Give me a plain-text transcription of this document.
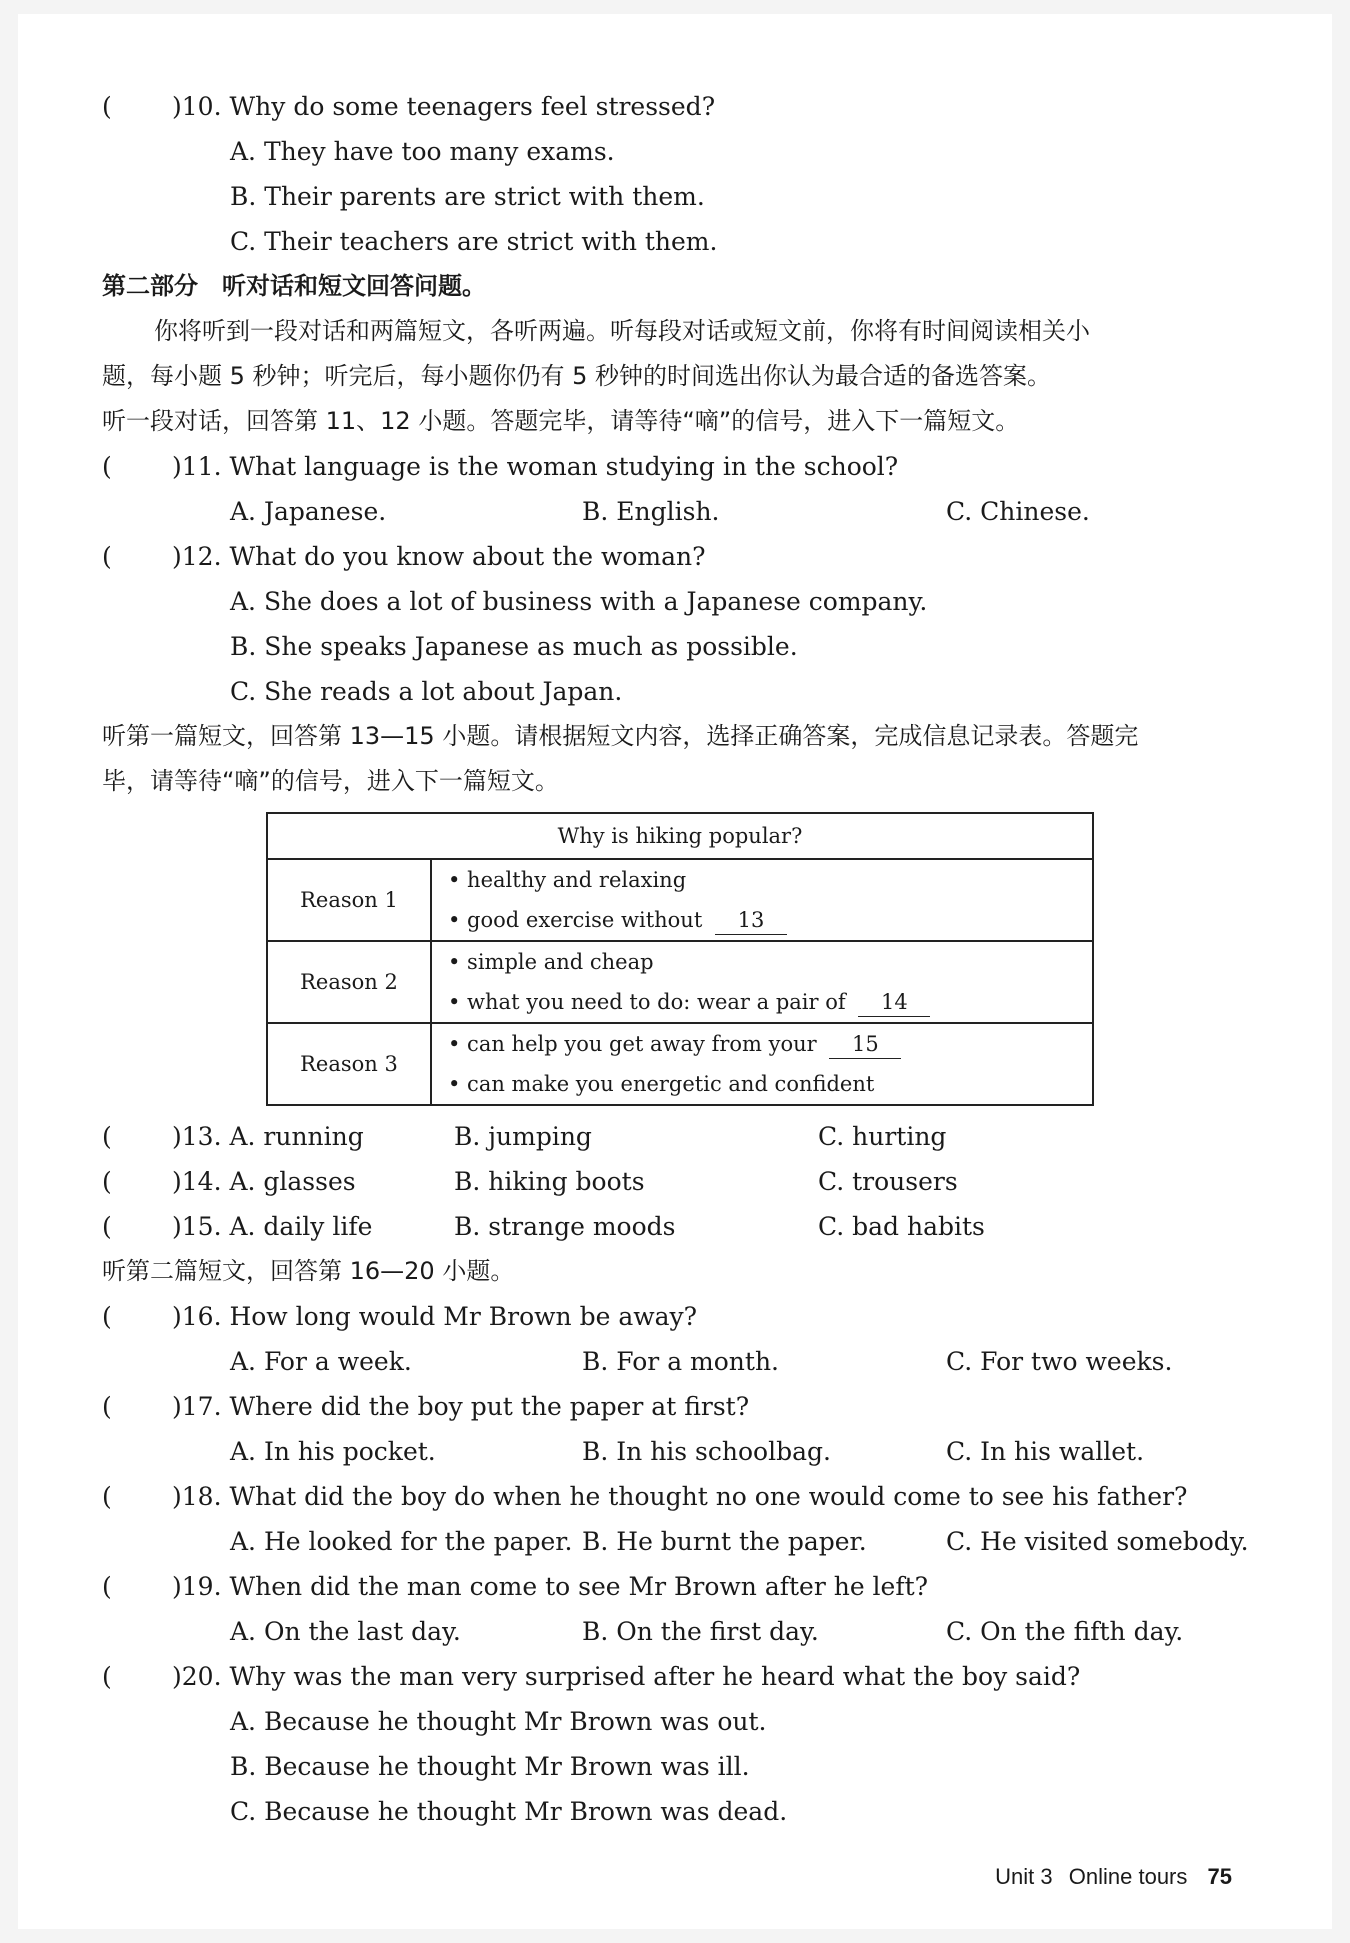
(	)10. Why do some teenagers feel stressed?
A. They have too many exams.
B. Their parents are strict with them.
C. Their teachers are strict with them.
第二部分　听对话和短文回答问题。
你将听到一段对话和两篇短文，各听两遍。听每段对话或短文前，你将有时间阅读相关小
题，每小题 5 秒钟；听完后，每小题你仍有 5 秒钟的时间选出你认为最合适的备选答案。
听一段对话，回答第 11、12 小题。答题完毕，请等待“嘀”的信号，进入下一篇短文。
(	)11. What language is the woman studying in the school?
A. Japanese.	B. English.	C. Chinese.
(	)12. What do you know about the woman?
A. She does a lot of business with a Japanese company.
B. She speaks Japanese as much as possible.
C. She reads a lot about Japan.
听第一篇短文，回答第 13—15 小题。请根据短文内容，选择正确答案，完成信息记录表。答题完
毕，请等待“嘀”的信号，进入下一篇短文。
Why is hiking popular?	
Reason 1	• healthy and relaxing
• good exercise without 13

Reason 2	• simple and cheap
• what you need to do: wear a pair of 14

Reason 3	• can help you get away from your 15
• can make you energetic and confident
(	)13. A. running	B. jumping	C. hurting
(	)14. A. glasses	B. hiking boots	C. trousers
(	)15. A. daily life	B. strange moods	C. bad habits
听第二篇短文，回答第 16—20 小题。
(	)16. How long would Mr Brown be away?
A. For a week.	B. For a month.	C. For two weeks.
(	)17. Where did the boy put the paper at first?
A. In his pocket.	B. In his schoolbag.	C. In his wallet.
(	)18. What did the boy do when he thought no one would come to see his father?
A. He looked for the paper. B. He burnt the paper.	C. He visited somebody.
(	)19. When did the man come to see Mr Brown after he left?
A. On the last day.	B. On the first day.	C. On the fifth day.
(	)20. Why was the man very surprised after he heard what the boy said?
A. Because he thought Mr Brown was out.
B. Because he thought Mr Brown was ill.
C. Because he thought Mr Brown was dead.
Unit 3 Online tours 75
